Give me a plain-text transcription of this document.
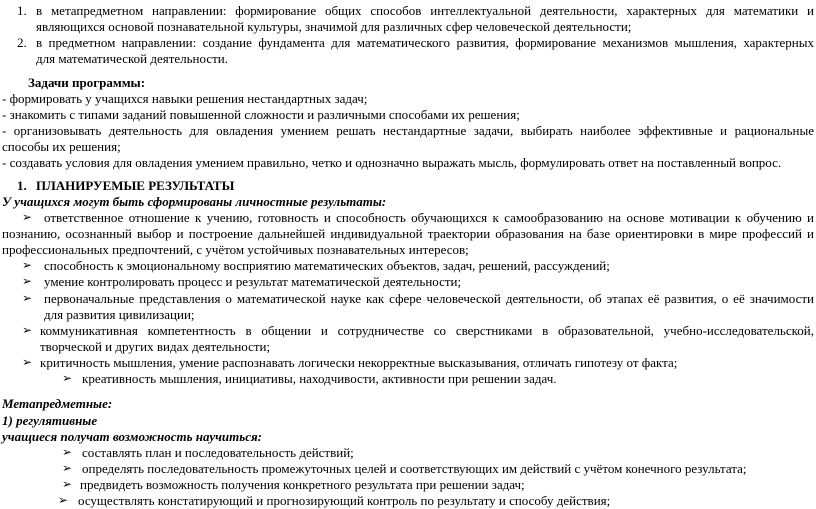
1. в метапредметном направлении: формирование общих способов интеллектуальной деятельности, характерных для математики и
являющихся основой познавательной культуры, значимой для различных сфер человеческой деятельности;
2. в предметном направлении: создание фундамента для математического развития, формирование механизмов мышления, характерных
для математической деятельности.
Задачи программы:
- формировать у учащихся навыки решения нестандартных задач;
- знакомить с типами заданий повышенной сложности и различными способами их решения;
- организовывать деятельность для овладения умением решать нестандартные задачи, выбирать наиболее эффективные и рациональные
способы их решения;
- создавать условия для овладения умением правильно, четко и однозначно выражать мысль, формулировать ответ на поставленный вопрос.
1. ПЛАНИРУЕМЫЕ РЕЗУЛЬТАТЫ
У учащихся могут быть сформированы личностные результаты:
➢ ответственное отношение к учению, готовность и способность обучающихся к самообразованию на основе мотивации к обучению и
познанию, осознанный выбор и построение дальнейшей индивидуальной траектории образования на базе ориентировки в мире профессий и
профессиональных предпочтений, с учётом устойчивых познавательных интересов;
➢ способность к эмоциональному восприятию математических объектов, задач, решений, рассуждений;
➢ умение контролировать процесс и результат математической деятельности;
➢ первоначальные представления о математической науке как сфере человеческой деятельности, об этапах её развития, о её значимости
для развития цивилизации;
➢ коммуникативная компетентность в общении и сотрудничестве со сверстниками в образовательной, учебно-исследовательской,
творческой и других видах деятельности;
➢ критичность мышления, умение распознавать логически некорректные высказывания, отличать гипотезу от факта;
➢ креативность мышления, инициативы, находчивости, активности при решении задач.
Метапредметные:
1) регулятивные
учащиеся получат возможность научиться:
➢ составлять план и последовательность действий;
➢ определять последовательность промежуточных целей и соответствующих им действий с учётом конечного результата;
➢ предвидеть возможность получения конкретного результата при решении задач;
➢ осуществлять констатирующий и прогнозирующий контроль по результату и способу действия;
